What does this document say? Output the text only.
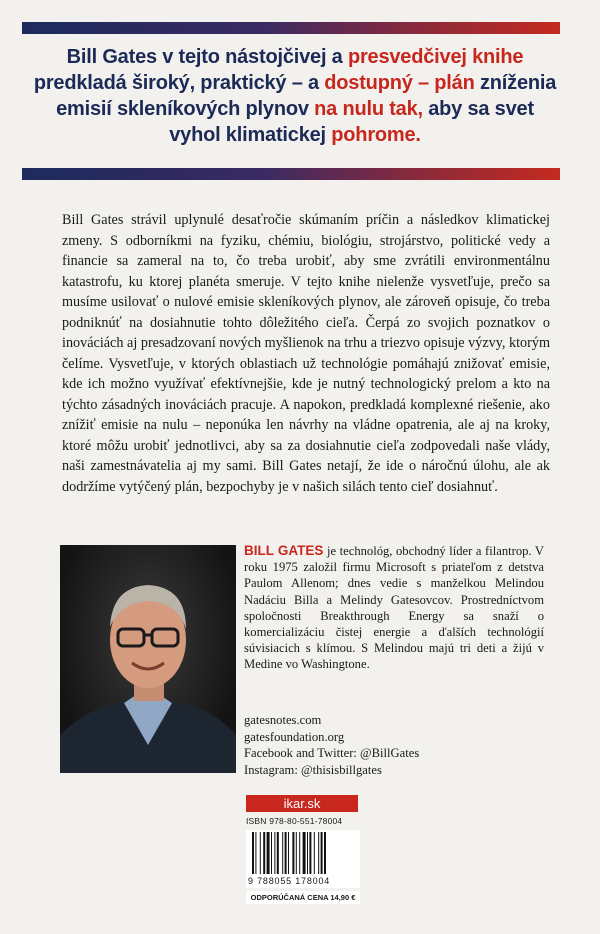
Bill Gates v tejto nástojčivej a presvedčivej knihe predkladá široký, praktický – a dostupný – plán zníženia emisií skleníkových plynov na nulu tak, aby sa svet vyhol klimatickej pohrome.

Bill Gates strávil uplynulé desaťročie skúmaním príčin a následkov klimatickej zmeny. S odborníkmi na fyziku, chémiu, biológiu, strojárstvo, politické vedy a financie sa zameral na to, čo treba urobiť, aby sme zvrátili environmentálnu katastrofu, ku ktorej planéta smeruje. V tejto knihe nielenže vysvetľuje, prečo sa musíme usilovať o nulové emisie skleníkových plynov, ale zároveň opisuje, čo treba podniknúť na dosiahnutie tohto dôležitého cieľa. Čerpá zo svojich poznatkov o inováciách aj presadzovaní nových myšlienok na trhu a triezvo opisuje výzvy, ktorým čelíme. Vysvetľuje, v ktorých oblastiach už technológie pomáhajú znižovať emisie, kde ich možno využívať efektívnejšie, kde je nutný technologický prelom a kto na týchto zásadných inováciách pracuje. A napokon, predkladá komplexné riešenie, ako znížiť emisie na nulu – neponúka len návrhy na vládne opatrenia, ale aj na kroky, ktoré môžu urobiť jednotlivci, aby sa za dosiahnutie cieľa zodpovedali naše vlády, naši zamestnávatelia aj my sami. Bill Gates netají, že ide o náročnú úlohu, ale ak dodržíme vytýčený plán, bezpochyby je v našich silách tento cieľ dosiahnuť.

BILL GATES je technológ, obchodný líder a filantrop. V roku 1975 založil firmu Microsoft s priateľom z detstva Paulom Allenom; dnes vedie s manželkou Melindou Nadáciu Billa a Melindy Gatesovcov. Prostredníctvom spoločnosti Breakthrough Energy sa snaží o komercializáciu čistej energie a ďalších technológií súvisiacich s klímou. S Melindou majú tri deti a žijú v Medine vo Washingtone.
gatesnotes.com
gatesfoundation.org
Facebook and Twitter: @BillGates
Instagram: @thisisbillgates
ikar.sk
ISBN 978-80-551-78004
9 788055 178004
ODPORÚČANÁ CENA 14,90 €
